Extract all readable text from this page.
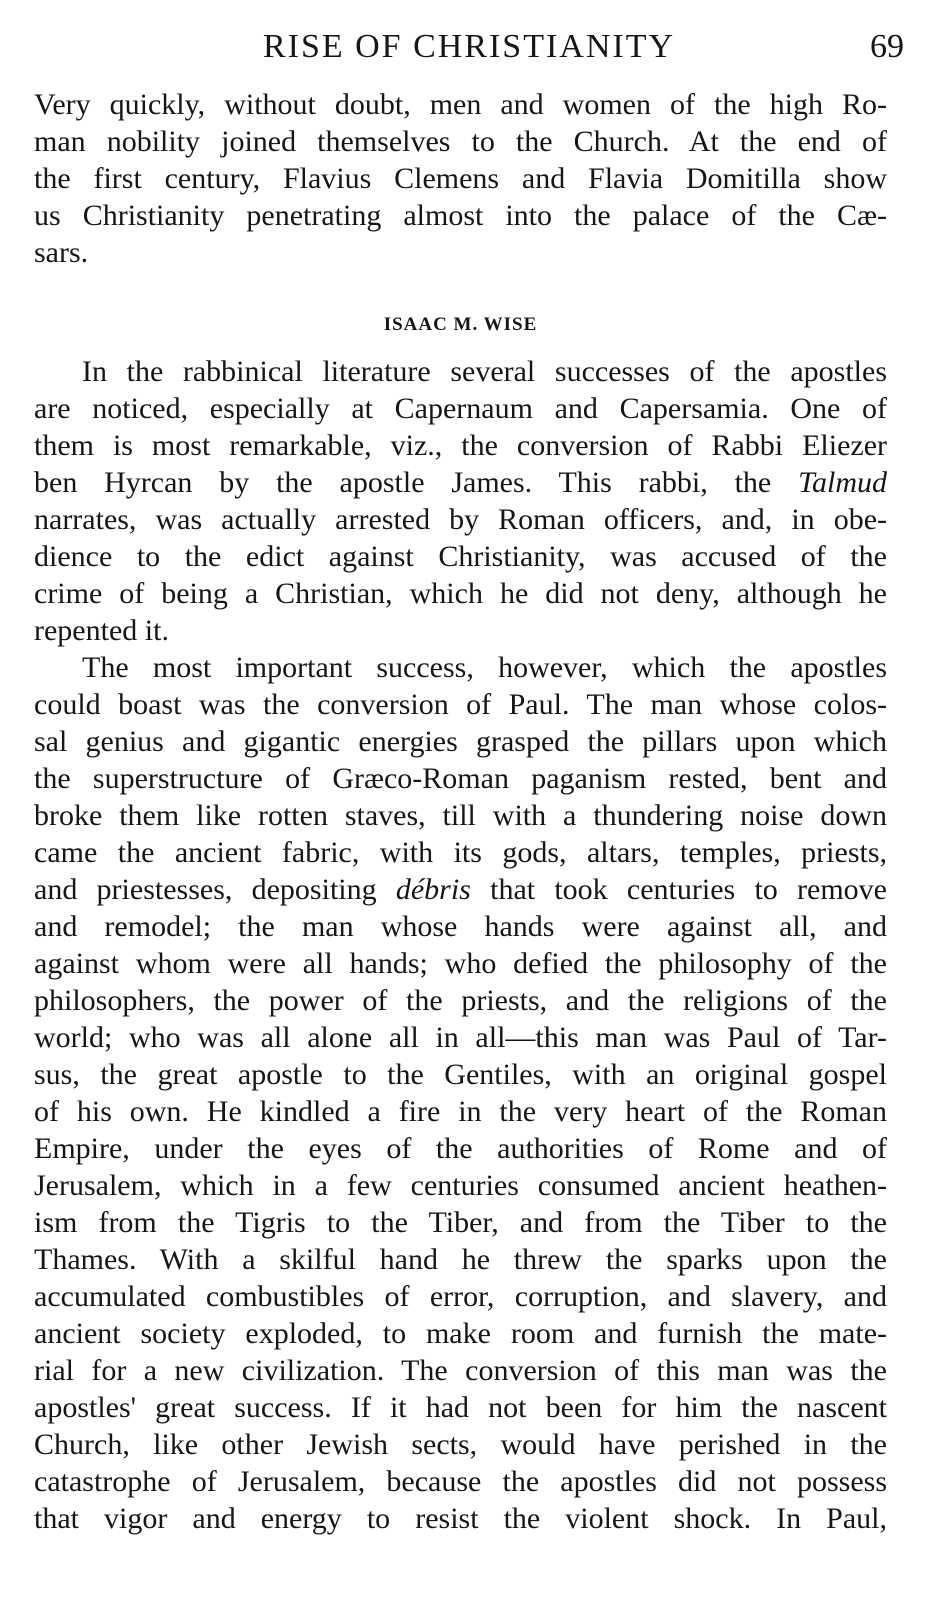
RISE OF CHRISTIANITY	69
Very quickly, without doubt, men and women of the high Ro-
man nobility joined themselves to the Church. At the end of
the first century, Flavius Clemens and Flavia Domitilla show
us Christianity penetrating almost into the palace of the Cæ-
sars.
ISAAC M. WISE
In the rabbinical literature several successes of the apostles
are noticed, especially at Capernaum and Capersamia. One of
them is most remarkable, viz., the conversion of Rabbi Eliezer
ben Hyrcan by the apostle James. This rabbi, the Talmud
narrates, was actually arrested by Roman officers, and, in obe-
dience to the edict against Christianity, was accused of the
crime of being a Christian, which he did not deny, although he
repented it.
The most important success, however, which the apostles
could boast was the conversion of Paul. The man whose colos-
sal genius and gigantic energies grasped the pillars upon which
the superstructure of Græco-Roman paganism rested, bent and
broke them like rotten staves, till with a thundering noise down
came the ancient fabric, with its gods, altars, temples, priests,
and priestesses, depositing débris that took centuries to remove
and remodel; the man whose hands were against all, and
against whom were all hands; who defied the philosophy of the
philosophers, the power of the priests, and the religions of the
world; who was all alone all in all—this man was Paul of Tar-
sus, the great apostle to the Gentiles, with an original gospel
of his own. He kindled a fire in the very heart of the Roman
Empire, under the eyes of the authorities of Rome and of
Jerusalem, which in a few centuries consumed ancient heathen-
ism from the Tigris to the Tiber, and from the Tiber to the
Thames. With a skilful hand he threw the sparks upon the
accumulated combustibles of error, corruption, and slavery, and
ancient society exploded, to make room and furnish the mate-
rial for a new civilization. The conversion of this man was the
apostles' great success. If it had not been for him the nascent
Church, like other Jewish sects, would have perished in the
catastrophe of Jerusalem, because the apostles did not possess
that vigor and energy to resist the violent shock. In Paul,
